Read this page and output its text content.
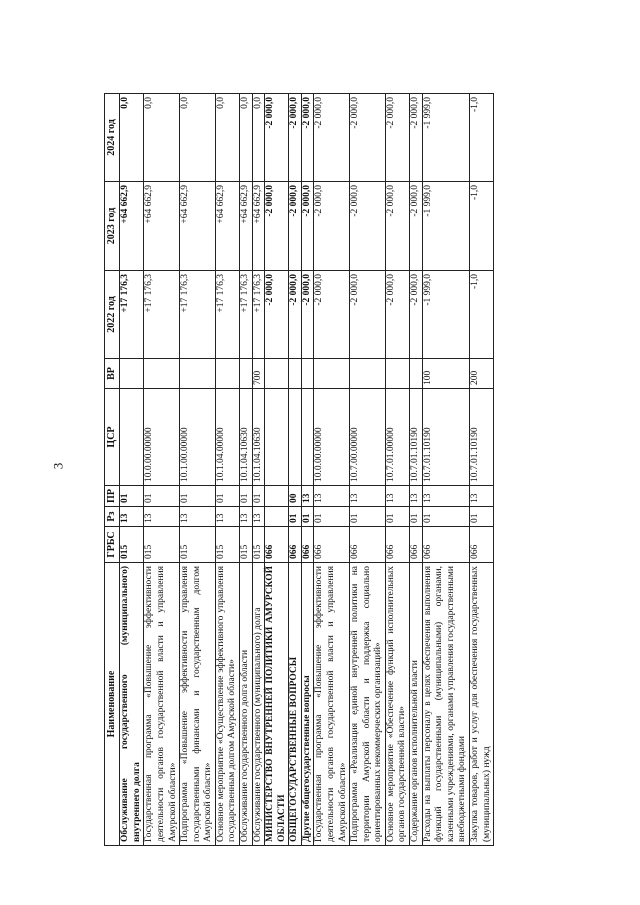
3
Наименование	ГРБС	Рз	ПР	ЦСР	ВР	2022 год	2023 год	2024 год
Обслуживание государственного (муниципального) внутреннего долга	015	13	01			+17 176,3	+64 662,9	0,0
Государственная программа «Повышение эффективности деятельности органов государственной власти и управления Амурской области»	015	13	01	10.0.00.00000		+17 176,3	+64 662,9	0,0
Подпрограмма «Повышение эффективности управления государственными финансами и государственным долгом Амурской области»	015	13	01	10.1.00.00000		+17 176,3	+64 662,9	0,0
Основное мероприятие «Осуществление эффективного управления государственным долгом Амурской области»	015	13	01	10.1.04.00000		+17 176,3	+64 662,9	0,0
Обслуживание государственного долга области	015	13	01	10.1.04.10630		+17 176,3	+64 662,9	0,0
Обслуживание государственного (муниципального) долга	015	13	01	10.1.04.10630	700	+17 176,3	+64 662,9	0,0
МИНИСТЕРСТВО ВНУТРЕННЕЙ ПОЛИТИКИ АМУРСКОЙ ОБЛАСТИ	066					-2 000,0	-2 000,0	-2 000,0
ОБЩЕГОСУДАРСТВЕННЫЕ ВОПРОСЫ	066	01	00			-2 000,0	-2 000,0	-2 000,0
Другие общегосударственные вопросы	066	01	13			-2 000,0	-2 000,0	-2 000,0
Государственная программа «Повышение эффективности деятельности органов государственной власти и управления Амурской области»	066	01	13	10.0.00.00000		-2 000,0	-2 000,0	-2 000,0
Подпрограмма «Реализация единой внутренней политики на территории Амурской области и поддержка социально ориентированных некоммерческих организаций»	066	01	13	10.7.00.00000		-2 000,0	-2 000,0	-2 000,0
Основное мероприятие «Обеспечение функций исполнительных органов государственной власти»	066	01	13	10.7.01.00000		-2 000,0	-2 000,0	-2 000,0
Содержание органов исполнительной власти	066	01	13	10.7.01.10190		-2 000,0	-2 000,0	-2 000,0
Расходы на выплаты персоналу в целях обеспечения выполнения функций государственными (муниципальными) органами, казенными учреждениями, органами управления государственными внебюджетными фондами	066	01	13	10.7.01.10190	100	-1 999,0	-1 999,0	-1 999,0
Закупка товаров, работ и услуг для обеспечения государственных (муниципальных) нужд	066	01	13	10.7.01.10190	200	-1,0	-1,0	-1,0
